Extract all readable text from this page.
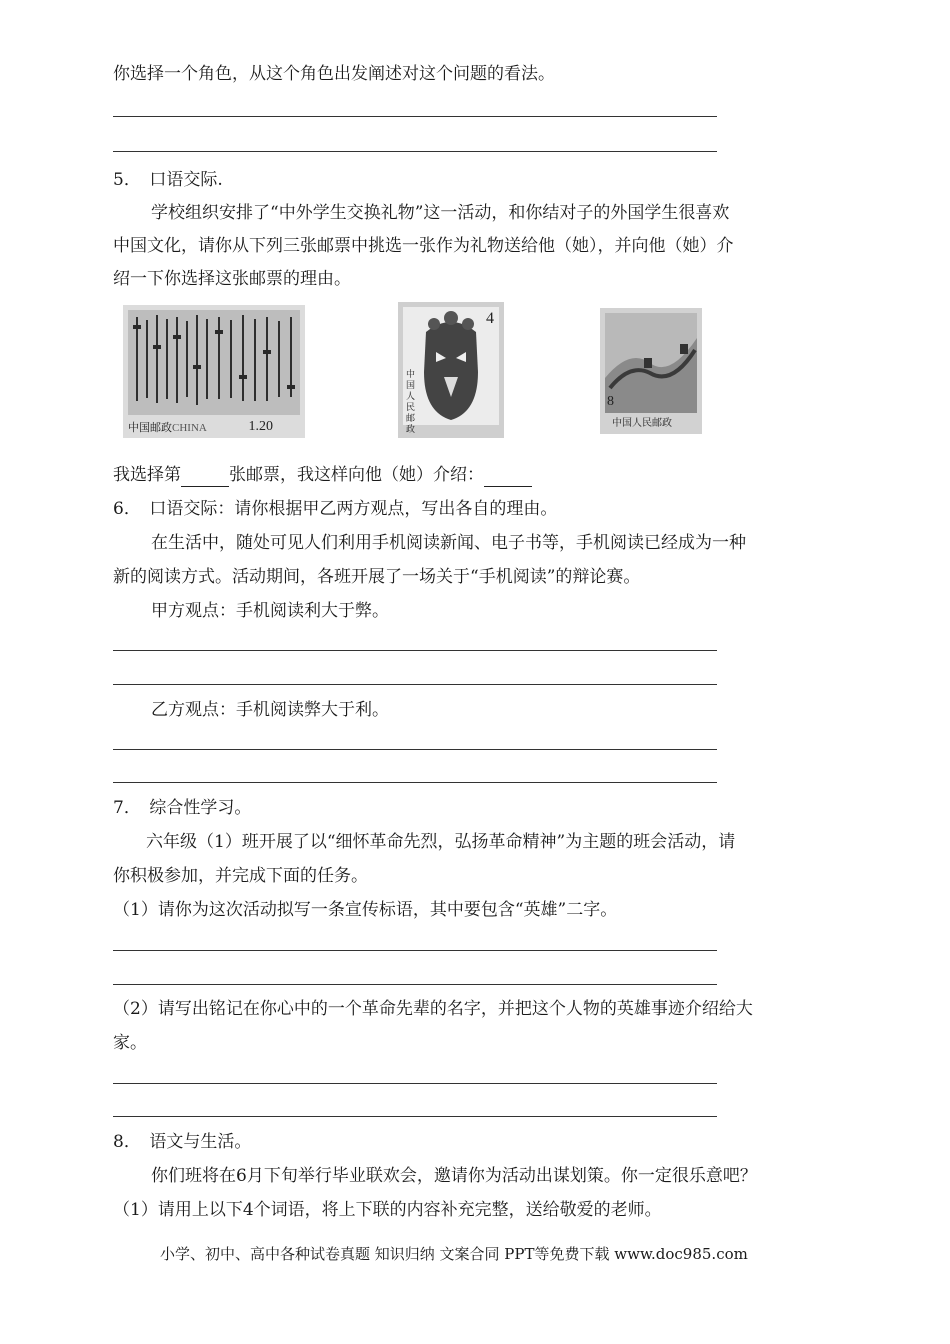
你选择一个角色，从这个角色出发阐述对这个问题的看法。
5．　口语交际.
学校组织安排了“中外学生交换礼物”这一活动，和你结对子的外国学生很喜欢
中国文化，请你从下列三张邮票中挑选一张作为礼物送给他（她），并向他（她）介
绍一下你选择这张邮票的理由。
中国邮政CHINA	1.20
中国人民邮政
4
8
中国人民邮政
我选择第	张邮票，我这样向他（她）介绍：
6．　口语交际：请你根据甲乙两方观点，写出各自的理由。
在生活中，随处可见人们利用手机阅读新闻、电子书等，手机阅读已经成为一种
新的阅读方式。活动期间，各班开展了一场关于“手机阅读”的辩论赛。
甲方观点：手机阅读利大于弊。
乙方观点：手机阅读弊大于利。
7．　综合性学习。
六年级（1）班开展了以“细怀革命先烈，弘扬革命精神”为主题的班会活动，请
你积极参加，并完成下面的任务。
（1）请你为这次活动拟写一条宣传标语，其中要包含“英雄”二字。
（2）请写出铭记在你心中的一个革命先辈的名字，并把这个人物的英雄事迹介绍给大
家。
8．　语文与生活。
你们班将在6月下旬举行毕业联欢会，邀请你为活动出谋划策。你一定很乐意吧？
（1）请用上以下4个词语，将上下联的内容补充完整，送给敬爱的老师。
小学、初中、高中各种试卷真题 知识归纳 文案合同 PPT等免费下载 www.doc985.com
